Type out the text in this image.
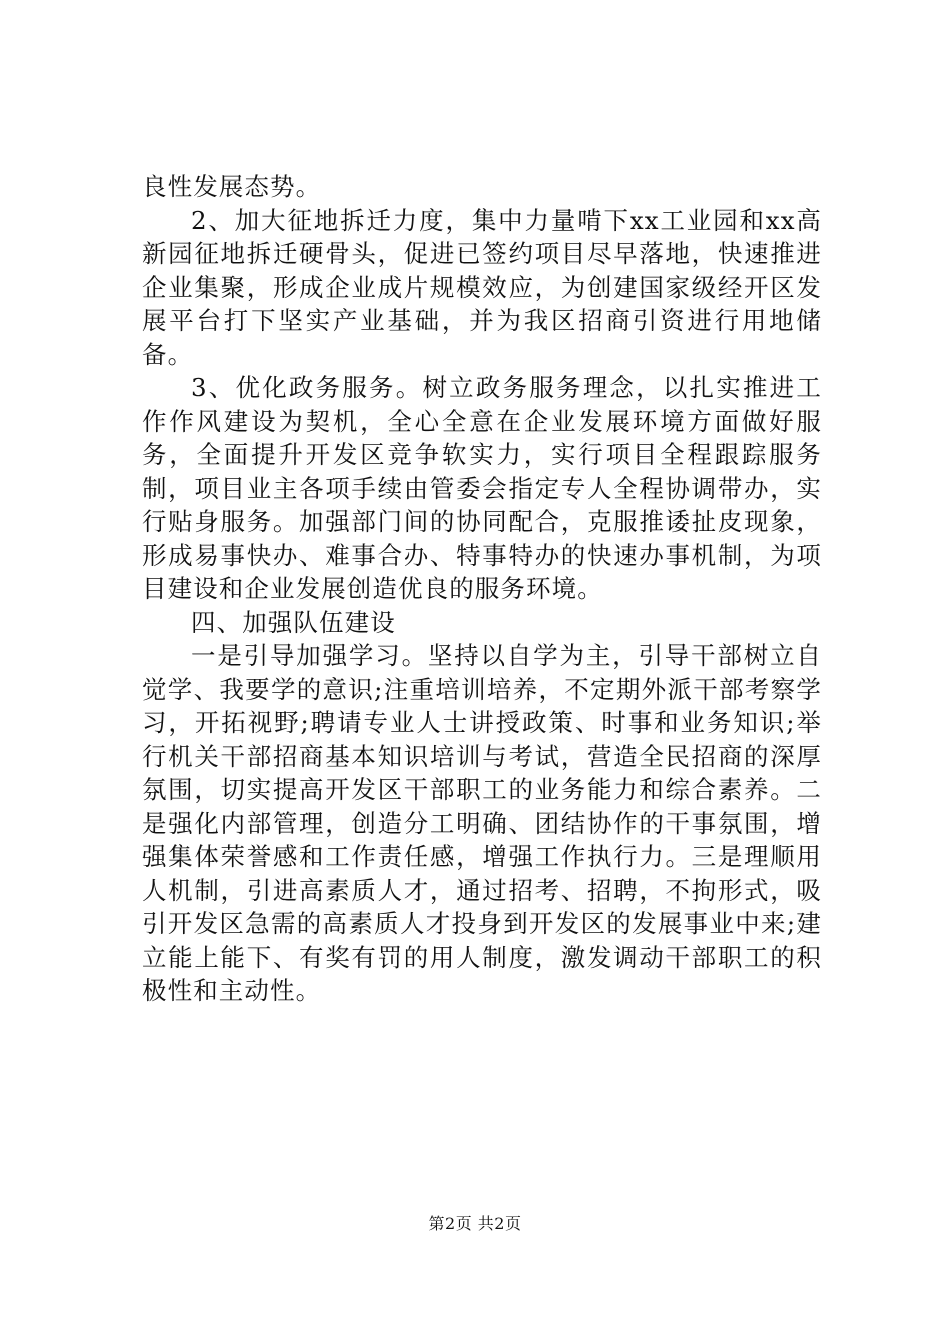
良性发展态势。

2、加大征地拆迁力度，集中力量啃下xx工业园和xx高新园征地拆迁硬骨头，促进已签约项目尽早落地，快速推进企业集聚，形成企业成片规模效应，为创建国家级经开区发展平台打下坚实产业基础，并为我区招商引资进行用地储备。

3、优化政务服务。树立政务服务理念，以扎实推进工作作风建设为契机，全心全意在企业发展环境方面做好服务，全面提升开发区竞争软实力，实行项目全程跟踪服务制，项目业主各项手续由管委会指定专人全程协调带办，实行贴身服务。加强部门间的协同配合，克服推诿扯皮现象，形成易事快办、难事合办、特事特办的快速办事机制，为项目建设和企业发展创造优良的服务环境。

四、加强队伍建设

一是引导加强学习。坚持以自学为主，引导干部树立自觉学、我要学的意识;注重培训培养，不定期外派干部考察学习，开拓视野;聘请专业人士讲授政策、时事和业务知识;举行机关干部招商基本知识培训与考试，营造全民招商的深厚氛围，切实提高开发区干部职工的业务能力和综合素养。二是强化内部管理，创造分工明确、团结协作的干事氛围，增强集体荣誉感和工作责任感，增强工作执行力。三是理顺用人机制，引进高素质人才，通过招考、招聘，不拘形式，吸引开发区急需的高素质人才投身到开发区的发展事业中来;建立能上能下、有奖有罚的用人制度，激发调动干部职工的积极性和主动性。

第2页 共2页
